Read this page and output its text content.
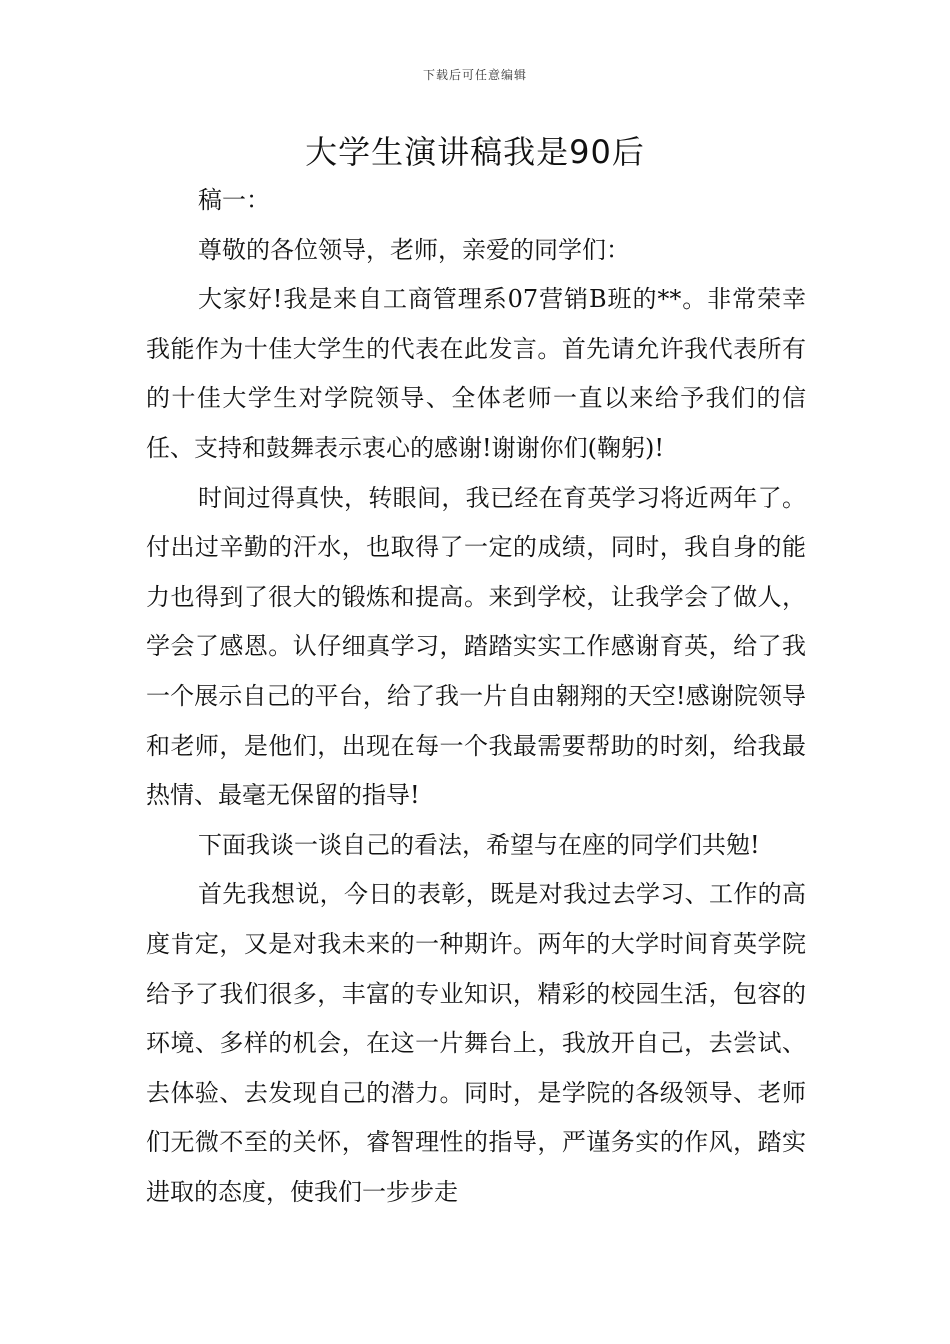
下载后可任意编辑
大学生演讲稿我是90后

稿一：

尊敬的各位领导，老师，亲爱的同学们：

大家好!我是来自工商管理系07营销B班的**。非常荣幸我能作为十佳大学生的代表在此发言。首先请允许我代表所有的十佳大学生对学院领导、全体老师一直以来给予我们的信任、支持和鼓舞表示衷心的感谢!谢谢你们(鞠躬)!

时间过得真快，转眼间，我已经在育英学习将近两年了。付出过辛勤的汗水，也取得了一定的成绩，同时，我自身的能力也得到了很大的锻炼和提高。来到学校，让我学会了做人，学会了感恩。认仔细真学习，踏踏实实工作感谢育英，给了我一个展示自己的平台，给了我一片自由翱翔的天空!感谢院领导和老师，是他们，出现在每一个我最需要帮助的时刻，给我最热情、最毫无保留的指导!

下面我谈一谈自己的看法，希望与在座的同学们共勉!

首先我想说，今日的表彰，既是对我过去学习、工作的高度肯定，又是对我未来的一种期许。两年的大学时间育英学院给予了我们很多，丰富的专业知识，精彩的校园生活，包容的环境、多样的机会，在这一片舞台上，我放开自己，去尝试、去体验、去发现自己的潜力。同时，是学院的各级领导、老师们无微不至的关怀，睿智理性的指导，严谨务实的作风，踏实进取的态度，使我们一步步走
